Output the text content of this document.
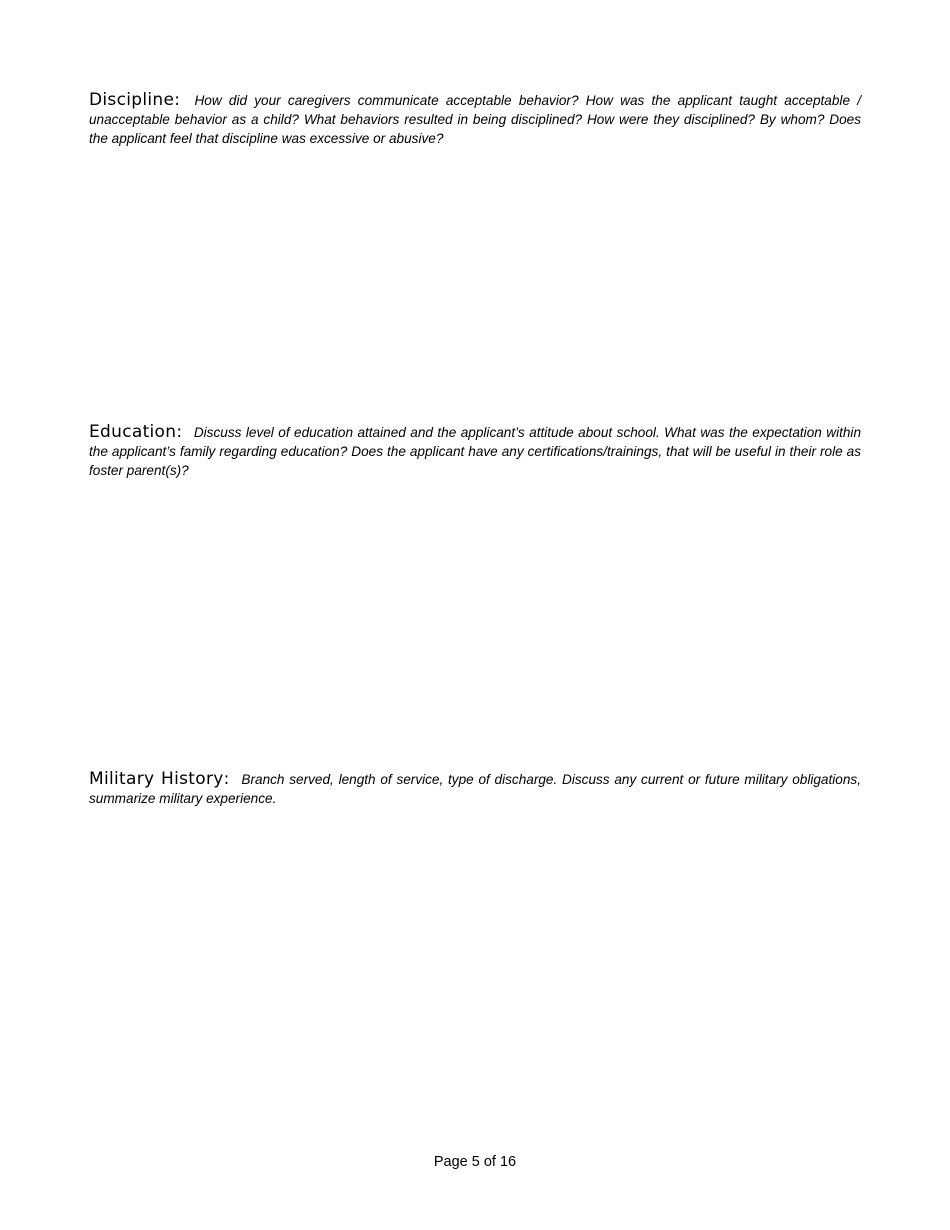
Discipline: How did your caregivers communicate acceptable behavior? How was the applicant taught acceptable / unacceptable behavior as a child? What behaviors resulted in being disciplined? How were they disciplined? By whom? Does the applicant feel that discipline was excessive or abusive?
Education: Discuss level of education attained and the applicant’s attitude about school. What was the expectation within the applicant’s family regarding education? Does the applicant have any certifications/trainings, that will be useful in their role as foster parent(s)?
Military History: Branch served, length of service, type of discharge. Discuss any current or future military obligations, summarize military experience.
Page 5 of 16
